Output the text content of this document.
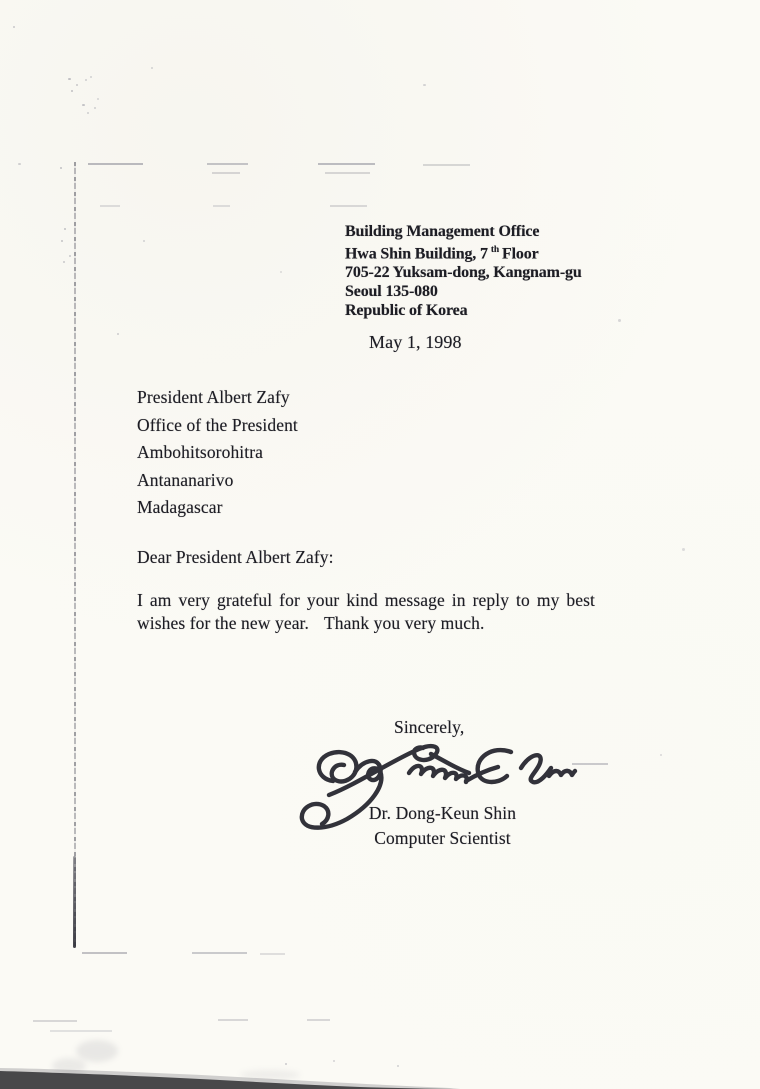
Building Management Office
Hwa Shin Building, 7 $^{th}$ Floor
705-22 Yuksam-dong, Kangnam-gu
Seoul 135-080
Republic of Korea
May 1, 1998
President Albert Zafy
Office of the President
Ambohitsorohitra
Antananarivo
Madagascar
Dear President Albert Zafy:
I am very grateful for your kind message in reply to my best
wishes for the new year. Thank you very much.
Sincerely,
Dr. Dong-Keun Shin
Computer Scientist
